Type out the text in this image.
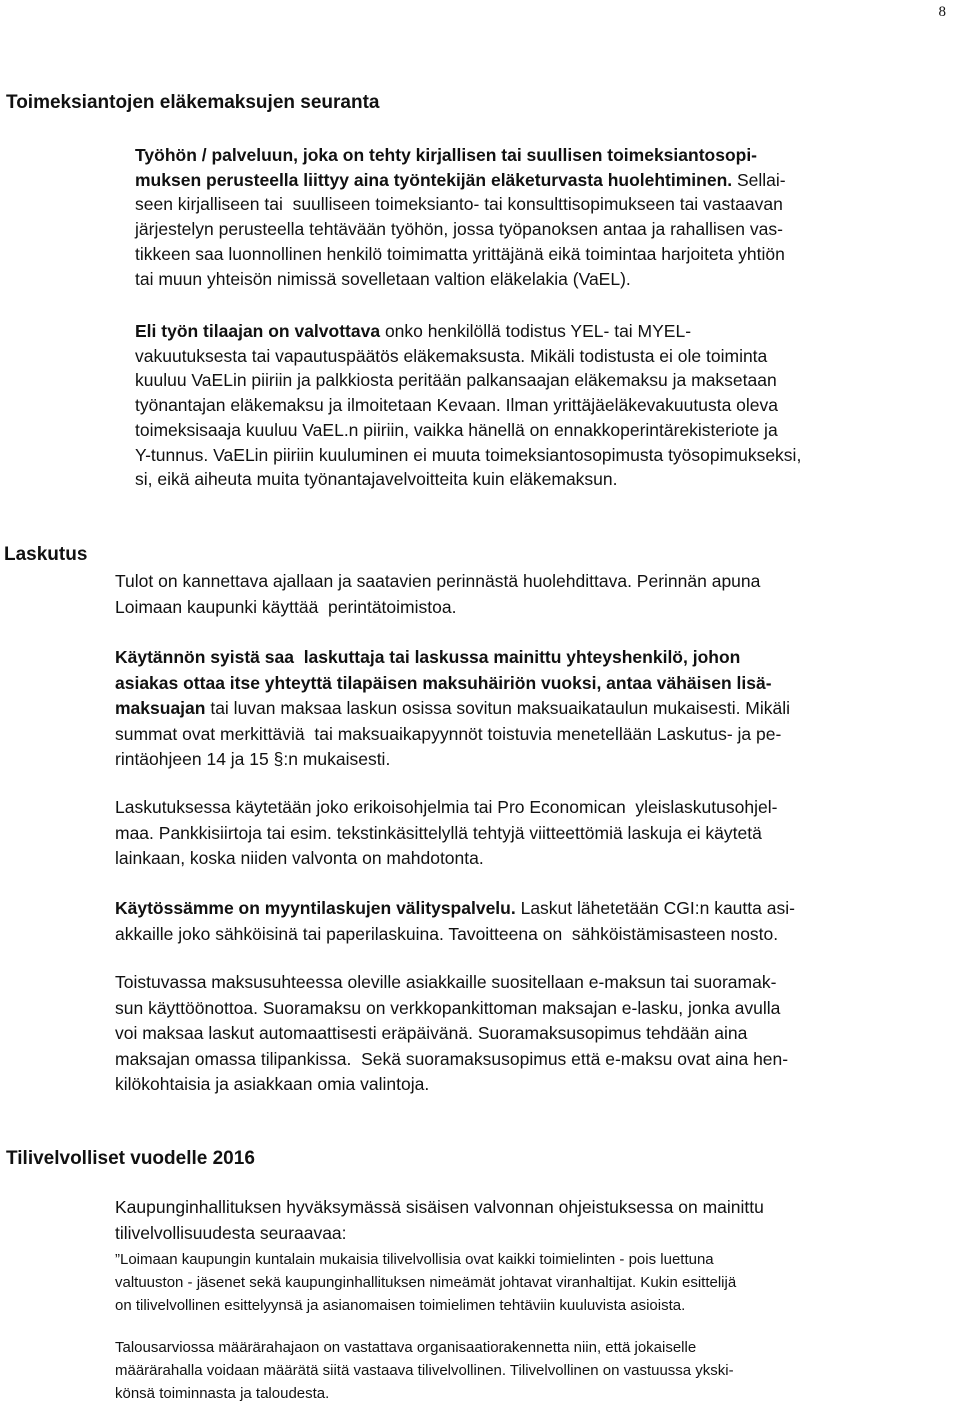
8
Toimeksiantojen eläkemaksujen seuranta
Työhön / palveluun, joka on tehty kirjallisen tai suullisen toimeksiantosopi-
muksen perusteella liittyy aina työntekijän eläketurvasta huolehtiminen. Sellai-
seen kirjalliseen tai  suulliseen toimeksianto- tai konsulttisopimukseen tai vastaavan
järjestelyn perusteella tehtävään työhön, jossa työpanoksen antaa ja rahallisen vas-
tikkeen saa luonnollinen henkilö toimimatta yrittäjänä eikä toimintaa harjoiteta yhtiön
tai muun yhteisön nimissä sovelletaan valtion eläkelakia (VaEL).
Eli työn tilaajan on valvottava onko henkilöllä todistus YEL- tai MYEL-
vakuutuksesta tai vapautuspäätös eläkemaksusta. Mikäli todistusta ei ole toiminta
kuuluu VaELin piiriin ja palkkiosta peritään palkansaajan eläkemaksu ja maksetaan
työnantajan eläkemaksu ja ilmoitetaan Kevaan. Ilman yrittäjäeläkevakuutusta oleva
toimeksisaaja kuuluu VaEL.n piiriin, vaikka hänellä on ennakkoperintärekisteriote ja
Y-tunnus. VaELin piiriin kuuluminen ei muuta toimeksiantosopimusta työsopimukseksi,
si, eikä aiheuta muita työnantajavelvoitteita kuin eläkemaksun.
Laskutus
Tulot on kannettava ajallaan ja saatavien perinnästä huolehdittava. Perinnän apuna
Loimaan kaupunki käyttää  perintätoimistoa.
Käytännön syistä saa  laskuttaja tai laskussa mainittu yhteyshenkilö, johon
asiakas ottaa itse yhteyttä tilapäisen maksuhäiriön vuoksi, antaa vähäisen lisä-
maksuajan tai luvan maksaa laskun osissa sovitun maksuaikataulun mukaisesti. Mikäli
summat ovat merkittäviä  tai maksuaikapyynnöt toistuvia menetellään Laskutus- ja pe-
rintäohjeen 14 ja 15 §:n mukaisesti.
Laskutuksessa käytetään joko erikoisohjelmia tai Pro Economican  yleislaskutusohjel-
maa. Pankkisiirtoja tai esim. tekstinkäsittelyllä tehtyjä viitteettömiä laskuja ei käytetä
lainkaan, koska niiden valvonta on mahdotonta.
Käytössämme on myyntilaskujen välityspalvelu. Laskut lähetetään CGI:n kautta asi-
akkaille joko sähköisinä tai paperilaskuina. Tavoitteena on  sähköistämisasteen nosto.
Toistuvassa maksusuhteessa oleville asiakkaille suositellaan e-maksun tai suoramak-
sun käyttöönottoa. Suoramaksu on verkkopankittoman maksajan e-lasku, jonka avulla
voi maksaa laskut automaattisesti eräpäivänä. Suoramaksusopimus tehdään aina
maksajan omassa tilipankissa.  Sekä suoramaksusopimus että e-maksu ovat aina hen-
kilökohtaisia ja asiakkaan omia valintoja.
Tilivelvolliset vuodelle 2016
Kaupunginhallituksen hyväksymässä sisäisen valvonnan ohjeistuksessa on mainittu
tilivelvollisuudesta seuraavaa:
”Loimaan kaupungin kuntalain mukaisia tilivelvollisia ovat kaikki toimielinten - pois luettuna
valtuuston - jäsenet sekä kaupunginhallituksen nimeämät johtavat viranhaltijat. Kukin esittelijä
on tilivelvollinen esittelyynsä ja asianomaisen toimielimen tehtäviin kuuluvista asioista.
Talousarviossa määrärahajaon on vastattava organisaatiorakennetta niin, että jokaiselle
määrärahalla voidaan määrätä siitä vastaava tilivelvollinen. Tilivelvollinen on vastuussa ykski-
könsä toiminnasta ja taloudesta.
